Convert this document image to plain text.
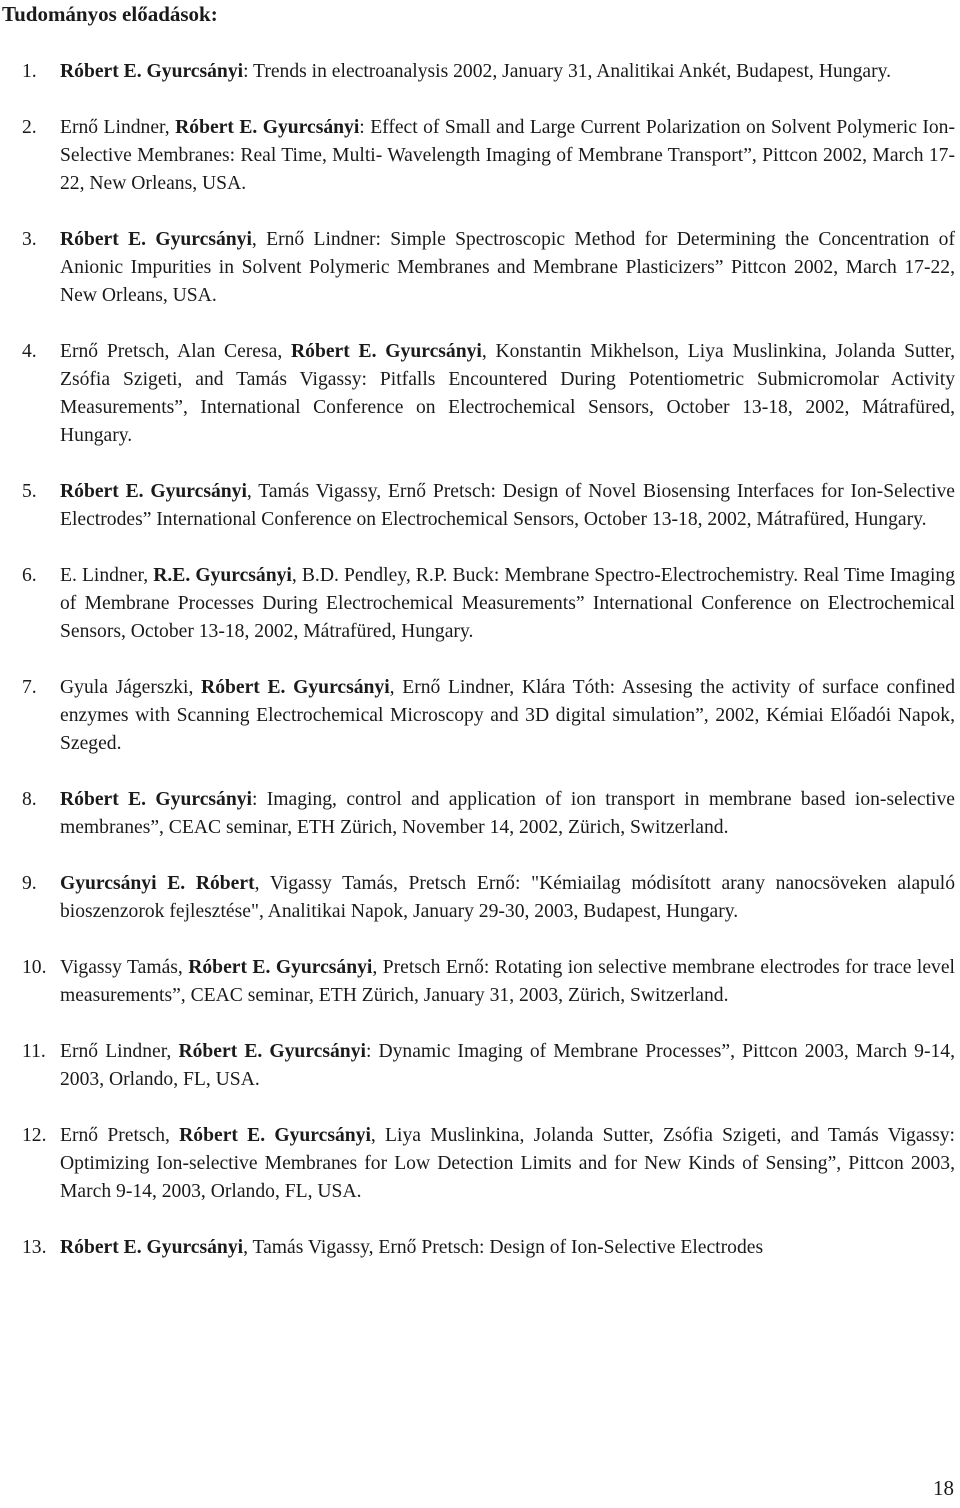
Tudományos előadások:
1. Róbert E. Gyurcsányi: Trends in electroanalysis 2002, January 31, Analitikai Ankét, Budapest, Hungary.
2. Ernő Lindner, Róbert E. Gyurcsányi: Effect of Small and Large Current Polarization on Solvent Polymeric Ion-Selective Membranes: Real Time, Multi- Wavelength Imaging of Membrane Transport”, Pittcon 2002, March 17-22, New Orleans, USA.
3. Róbert E. Gyurcsányi, Ernő Lindner: Simple Spectroscopic Method for Determining the Concentration of Anionic Impurities in Solvent Polymeric Membranes and Membrane Plasticizers” Pittcon 2002, March 17-22, New Orleans, USA.
4. Ernő Pretsch, Alan Ceresa, Róbert E. Gyurcsányi, Konstantin Mikhelson, Liya Muslinkina, Jolanda Sutter, Zsófia Szigeti, and Tamás Vigassy: Pitfalls Encountered During Potentiometric Submicromolar Activity Measurements”, International Conference on Electrochemical Sensors, October 13-18, 2002, Mátrafüred, Hungary.
5. Róbert E. Gyurcsányi, Tamás Vigassy, Ernő Pretsch: Design of Novel Biosensing Interfaces for Ion-Selective Electrodes” International Conference on Electrochemical Sensors, October 13-18, 2002, Mátrafüred, Hungary.
6. E. Lindner, R.E. Gyurcsányi, B.D. Pendley, R.P. Buck: Membrane Spectro-Electrochemistry. Real Time Imaging of Membrane Processes During Electrochemical Measurements” International Conference on Electrochemical Sensors, October 13-18, 2002, Mátrafüred, Hungary.
7. Gyula Jágerszki, Róbert E. Gyurcsányi, Ernő Lindner, Klára Tóth: Assesing the activity of surface confined enzymes with Scanning Electrochemical Microscopy and 3D digital simulation”, 2002, Kémiai Előadói Napok, Szeged.
8. Róbert E. Gyurcsányi: Imaging, control and application of ion transport in membrane based ion-selective membranes”, CEAC seminar, ETH Zürich, November 14, 2002, Zürich, Switzerland.
9. Gyurcsányi E. Róbert, Vigassy Tamás, Pretsch Ernő: "Kémiailag módisított arany nanocsöveken alapuló bioszenzorok fejlesztése", Analitikai Napok, January 29-30, 2003, Budapest, Hungary.
10. Vigassy Tamás, Róbert E. Gyurcsányi, Pretsch Ernő: Rotating ion selective membrane electrodes for trace level measurements”, CEAC seminar, ETH Zürich, January 31, 2003, Zürich, Switzerland.
11. Ernő Lindner, Róbert E. Gyurcsányi: Dynamic Imaging of Membrane Processes”, Pittcon 2003, March 9-14, 2003, Orlando, FL, USA.
12. Ernő Pretsch, Róbert E. Gyurcsányi, Liya Muslinkina, Jolanda Sutter, Zsófia Szigeti, and Tamás Vigassy: Optimizing Ion-selective Membranes for Low Detection Limits and for New Kinds of Sensing”, Pittcon 2003, March 9-14, 2003, Orlando, FL, USA.
13. Róbert E. Gyurcsányi, Tamás Vigassy, Ernő Pretsch: Design of Ion-Selective Electrodes
18
